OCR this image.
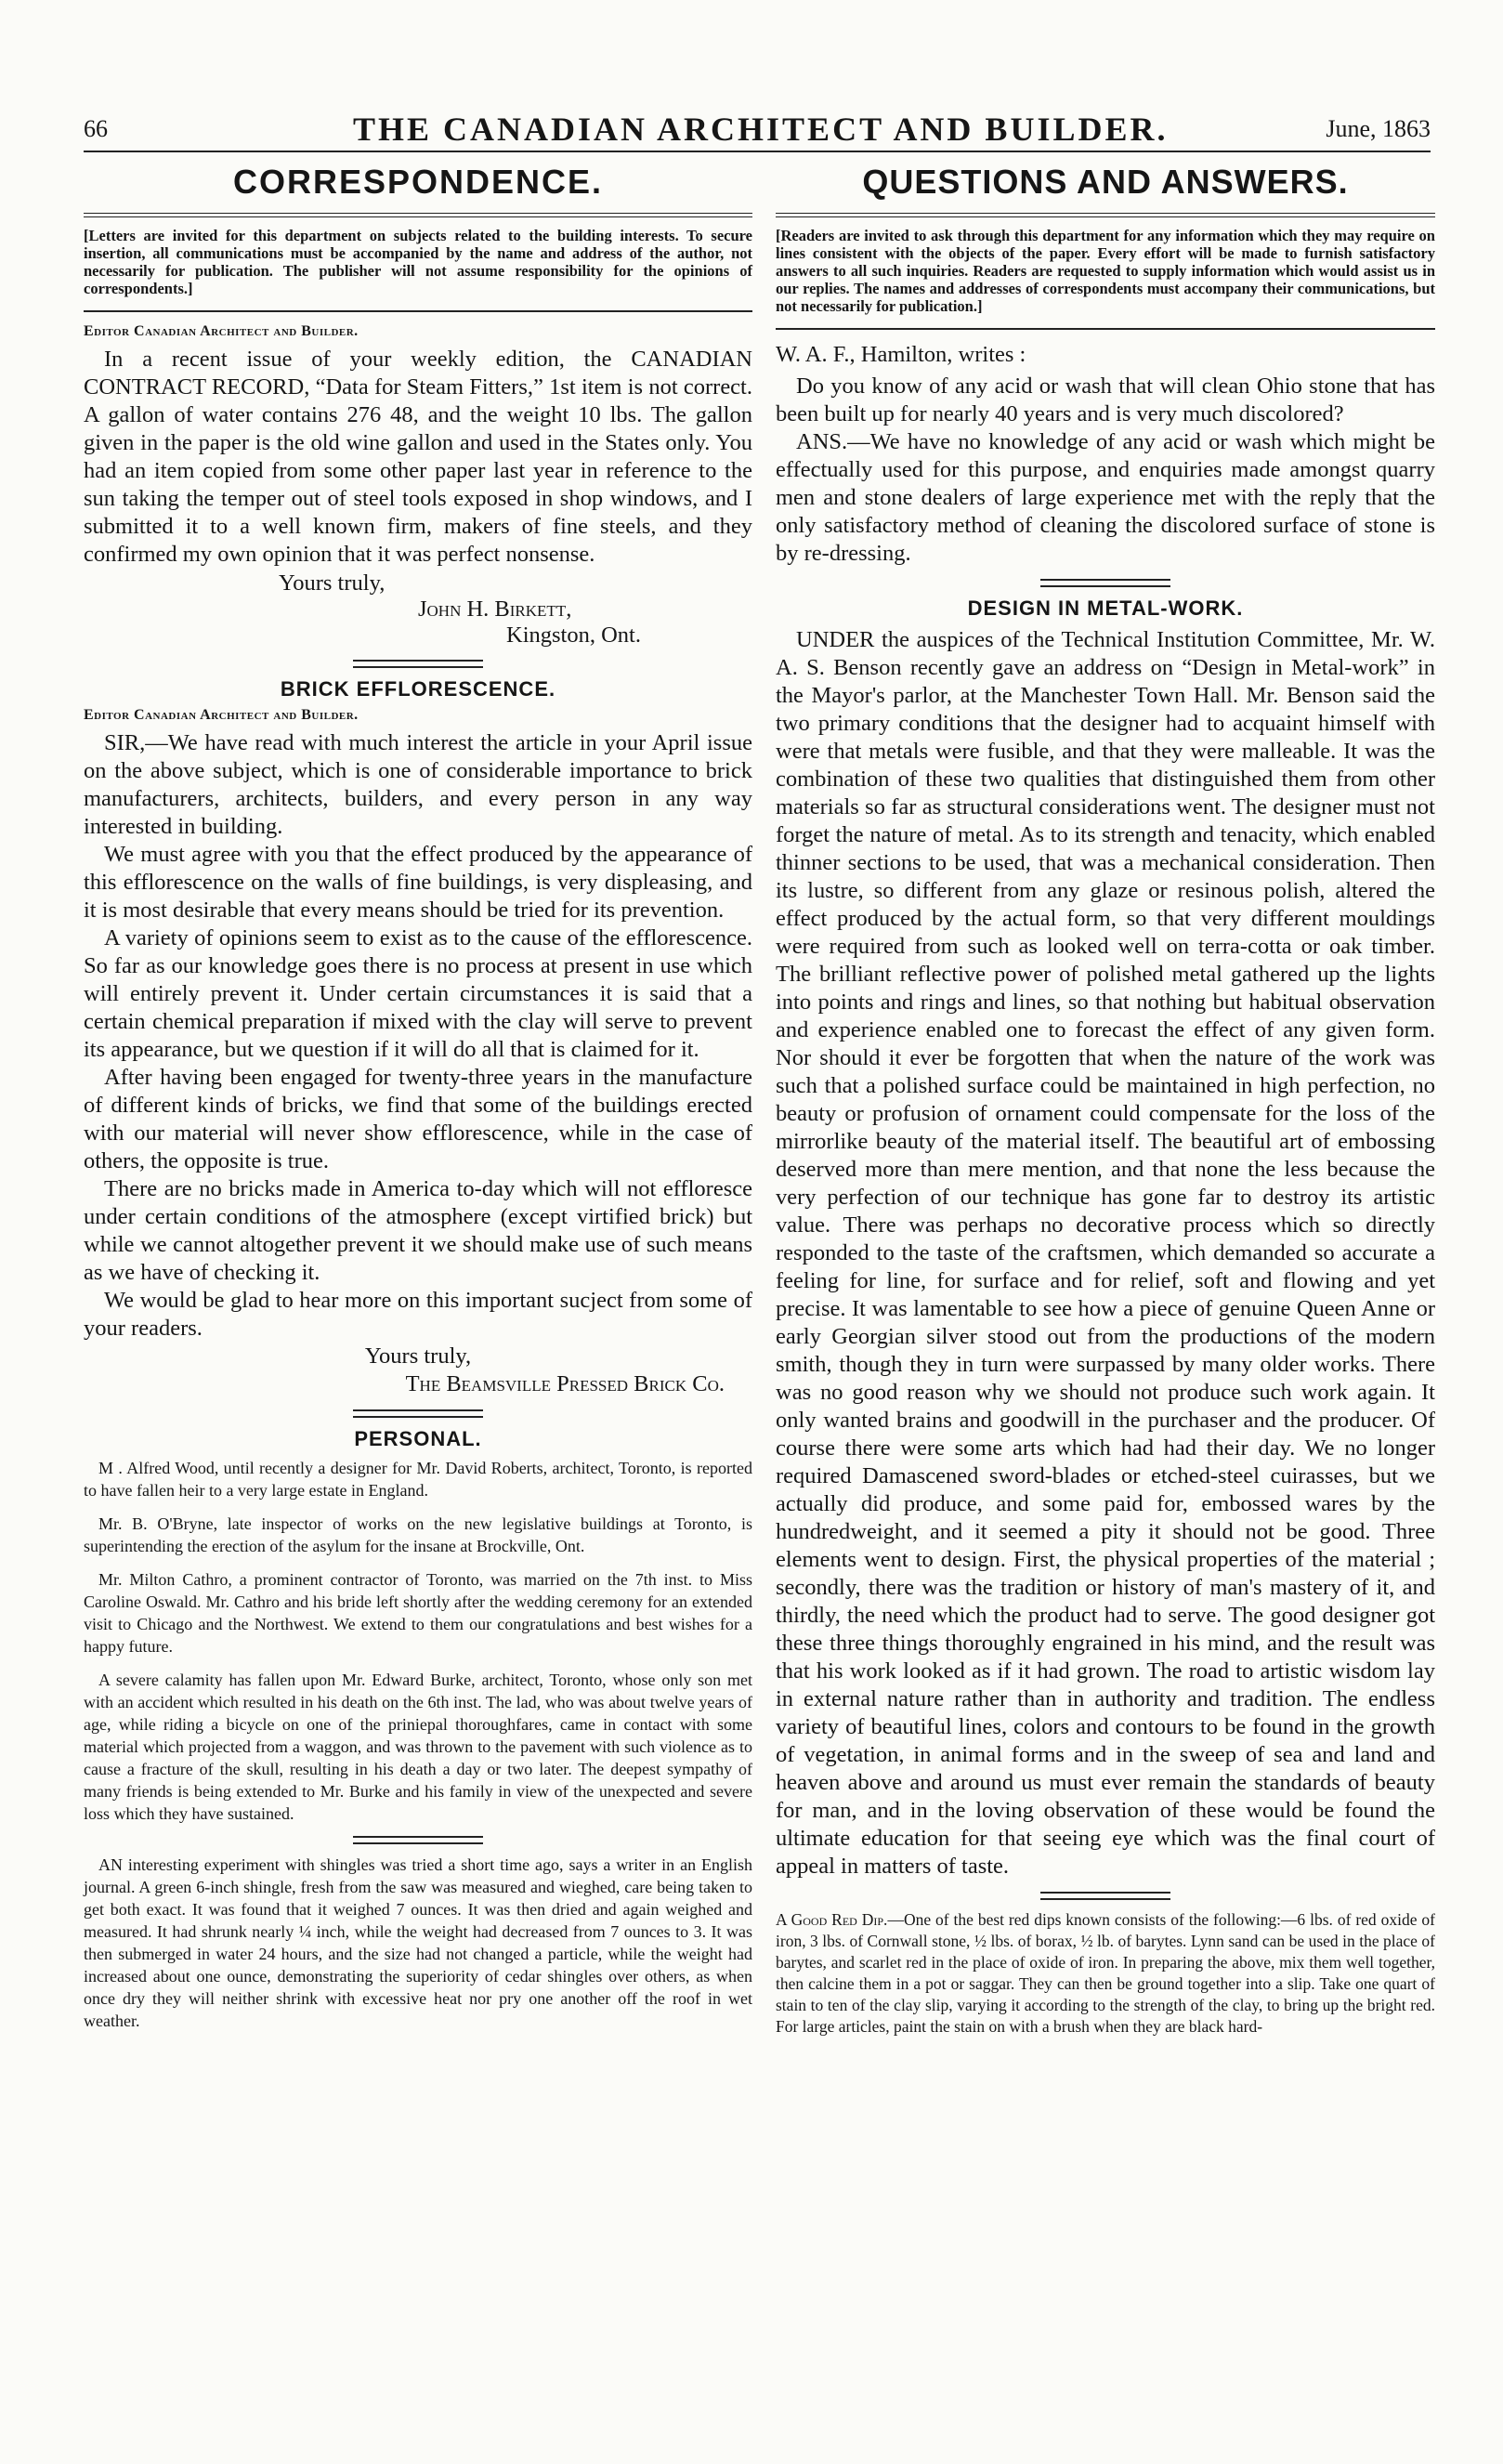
66	THE CANADIAN ARCHITECT AND BUILDER.	June, 1863
CORRESPONDENCE.
[Letters are invited for this department on subjects related to the building interests. To secure insertion, all communications must be accompanied by the name and address of the author, not necessarily for publication. The publisher will not assume responsibility for the opinions of correspondents.]
Editor Canadian Architect and Builder.

In a recent issue of your weekly edition, the CANADIAN CONTRACT RECORD, “Data for Steam Fitters,” 1st item is not correct. A gallon of water contains 276 48, and the weight 10 lbs. The gallon given in the paper is the old wine gallon and used in the States only. You had an item copied from some other paper last year in reference to the sun taking the temper out of steel tools exposed in shop windows, and I submitted it to a well known firm, makers of fine steels, and they confirmed my own opinion that it was perfect nonsense.

Yours truly,
John H. Birkett,
Kingston, Ont.
BRICK EFFLORESCENCE.
Editor Canadian Architect and Builder.

SIR,—We have read with much interest the article in your April issue on the above subject, which is one of considerable importance to brick manufacturers, architects, builders, and every person in any way interested in building.

We must agree with you that the effect produced by the appearance of this efflorescence on the walls of fine buildings, is very displeasing, and it is most desirable that every means should be tried for its prevention.

A variety of opinions seem to exist as to the cause of the efflorescence. So far as our knowledge goes there is no process at present in use which will entirely prevent it. Under certain circumstances it is said that a certain chemical preparation if mixed with the clay will serve to prevent its appearance, but we question if it will do all that is claimed for it.

After having been engaged for twenty-three years in the manufacture of different kinds of bricks, we find that some of the buildings erected with our material will never show efflorescence, while in the case of others, the opposite is true.

There are no bricks made in America to-day which will not effloresce under certain conditions of the atmosphere (except virtified brick) but while we cannot altogether prevent it we should make use of such means as we have of checking it.

We would be glad to hear more on this important sucject from some of your readers.

Yours truly,
The Beamsville Pressed Brick Co.
PERSONAL.

M . Alfred Wood, until recently a designer for Mr. David Roberts, architect, Toronto, is reported to have fallen heir to a very large estate in England.

Mr. B. O'Bryne, late inspector of works on the new legislative buildings at Toronto, is superintending the erection of the asylum for the insane at Brockville, Ont.

Mr. Milton Cathro, a prominent contractor of Toronto, was married on the 7th inst. to Miss Caroline Oswald. Mr. Cathro and his bride left shortly after the wedding ceremony for an extended visit to Chicago and the Northwest. We extend to them our congratulations and best wishes for a happy future.

A severe calamity has fallen upon Mr. Edward Burke, architect, Toronto, whose only son met with an accident which resulted in his death on the 6th inst. The lad, who was about twelve years of age, while riding a bicycle on one of the priniepal thoroughfares, came in contact with some material which projected from a waggon, and was thrown to the pavement with such violence as to cause a fracture of the skull, resulting in his death a day or two later. The deepest sympathy of many friends is being extended to Mr. Burke and his family in view of the unexpected and severe loss which they have sustained.

AN interesting experiment with shingles was tried a short time ago, says a writer in an English journal. A green 6-inch shingle, fresh from the saw was measured and wieghed, care being taken to get both exact. It was found that it weighed 7 ounces. It was then dried and again weighed and measured. It had shrunk nearly ¼ inch, while the weight had decreased from 7 ounces to 3. It was then submerged in water 24 hours, and the size had not changed a particle, while the weight had increased about one ounce, demonstrating the superiority of cedar shingles over others, as when once dry they will neither shrink with excessive heat nor pry one another off the roof in wet weather.

QUESTIONS AND ANSWERS.
[Readers are invited to ask through this department for any information which they may require on lines consistent with the objects of the paper. Every effort will be made to furnish satisfactory answers to all such inquiries. Readers are requested to supply information which would assist us in our replies. The names and addresses of correspondents must accompany their communications, but not necessarily for publication.]
W. A. F., Hamilton, writes :

Do you know of any acid or wash that will clean Ohio stone that has been built up for nearly 40 years and is very much discolored?

ANS.—We have no knowledge of any acid or wash which might be effectually used for this purpose, and enquiries made amongst quarry men and stone dealers of large experience met with the reply that the only satisfactory method of cleaning the discolored surface of stone is by re-dressing.

DESIGN IN METAL-WORK.

UNDER the auspices of the Technical Institution Committee, Mr. W. A. S. Benson recently gave an address on “Design in Metal-work” in the Mayor's parlor, at the Manchester Town Hall. Mr. Benson said the two primary conditions that the designer had to acquaint himself with were that metals were fusible, and that they were malleable. It was the combination of these two qualities that distinguished them from other materials so far as structural considerations went. The designer must not forget the nature of metal. As to its strength and tenacity, which enabled thinner sections to be used, that was a mechanical consideration. Then its lustre, so different from any glaze or resinous polish, altered the effect produced by the actual form, so that very different mouldings were required from such as looked well on terra-cotta or oak timber. The brilliant reflective power of polished metal gathered up the lights into points and rings and lines, so that nothing but habitual observation and experience enabled one to forecast the effect of any given form. Nor should it ever be forgotten that when the nature of the work was such that a polished surface could be maintained in high perfection, no beauty or profusion of ornament could compensate for the loss of the mirrorlike beauty of the material itself. The beautiful art of embossing deserved more than mere mention, and that none the less because the very perfection of our technique has gone far to destroy its artistic value. There was perhaps no decorative process which so directly responded to the taste of the craftsmen, which demanded so accurate a feeling for line, for surface and for relief, soft and flowing and yet precise. It was lamentable to see how a piece of genuine Queen Anne or early Georgian silver stood out from the productions of the modern smith, though they in turn were surpassed by many older works. There was no good reason why we should not produce such work again. It only wanted brains and goodwill in the purchaser and the producer. Of course there were some arts which had had their day. We no longer required Damascened sword-blades or etched-steel cuirasses, but we actually did produce, and some paid for, embossed wares by the hundredweight, and it seemed a pity it should not be good. Three elements went to design. First, the physical properties of the material ; secondly, there was the tradition or history of man's mastery of it, and thirdly, the need which the product had to serve. The good designer got these three things thoroughly engrained in his mind, and the result was that his work looked as if it had grown. The road to artistic wisdom lay in external nature rather than in authority and tradition. The endless variety of beautiful lines, colors and contours to be found in the growth of vegetation, in animal forms and in the sweep of sea and land and heaven above and around us must ever remain the standards of beauty for man, and in the loving observation of these would be found the ultimate education for that seeing eye which was the final court of appeal in matters of taste.

A Good Red Dip.—One of the best red dips known consists of the following:—6 lbs. of red oxide of iron, 3 lbs. of Cornwall stone, ½ lbs. of borax, ½ lb. of barytes. Lynn sand can be used in the place of barytes, and scarlet red in the place of oxide of iron. In preparing the above, mix them well together, then calcine them in a pot or saggar. They can then be ground together into a slip. Take one quart of stain to ten of the clay slip, varying it according to the strength of the clay, to bring up the bright red. For large articles, paint the stain on with a brush when they are black hard-
